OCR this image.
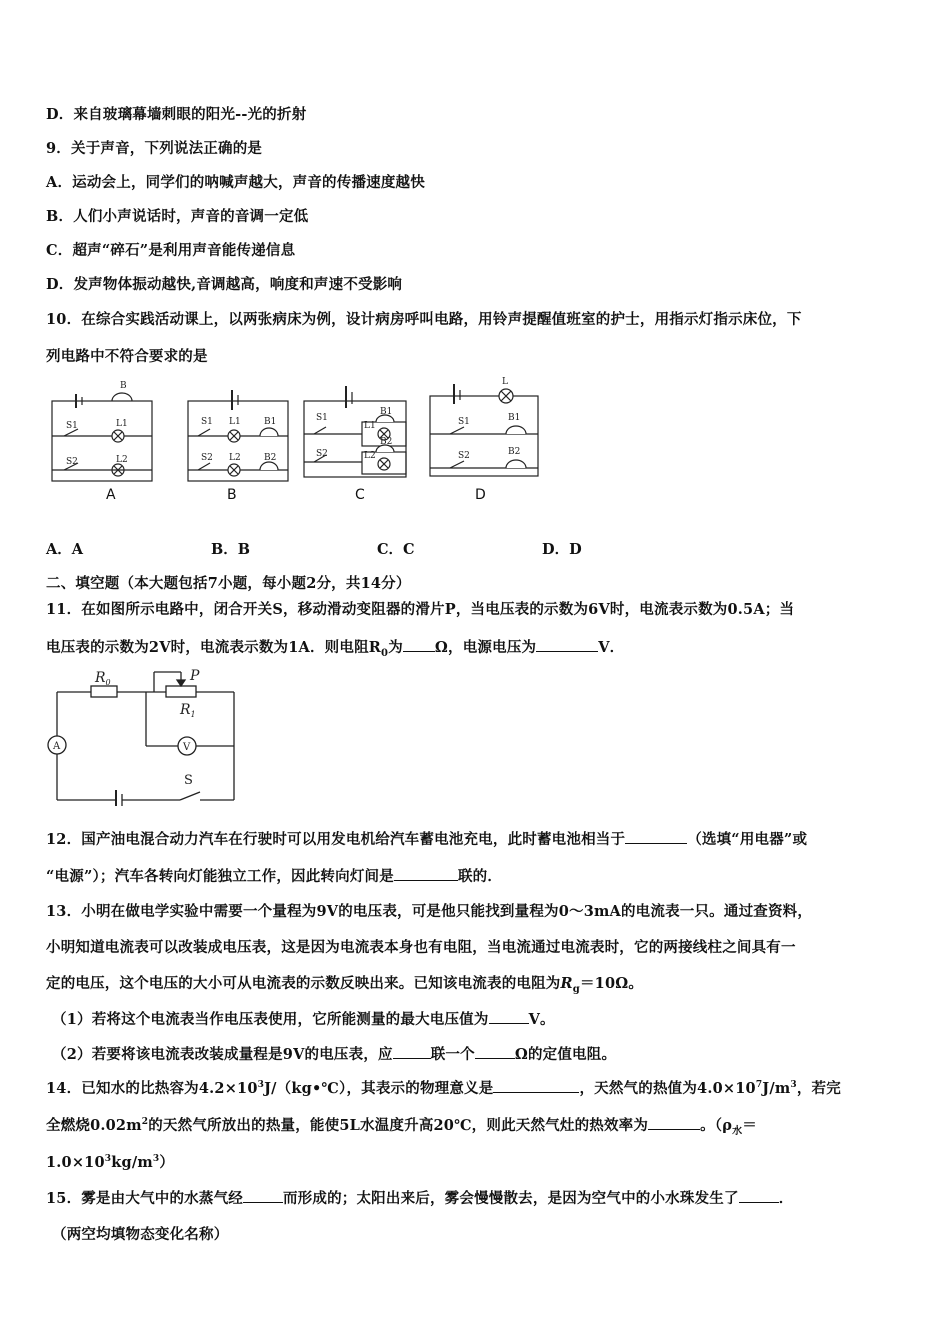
D．来自玻璃幕墙刺眼的阳光--光的折射
9．关于声音，下列说法正确的是
A．运动会上，同学们的呐喊声越大，声音的传播速度越快
B．人们小声说话时，声音的音调一定低
C．超声“碎石”是利用声音能传递信息
D．发声物体振动越快,音调越高，响度和声速不受影响
10．在综合实践活动课上，以两张病床为例，设计病房呼叫电路，用铃声提醒值班室的护士，用指示灯指示床位，下
列电路中不符合要求的是
B
S1	L1
S2	L2
S1 L1	B1
S2 L2	B2
S1
B1
L1
S2
B2
L2
L
S1	B1
S2	B2
A	B	C	D
A．A	B．B	C．C	D．D
二、填空题（本大题包括7小题，每小题2分，共14分）
11．在如图所示电路中，闭合开关S，移动滑动变阻器的滑片P，当电压表的示数为6V时，电流表示数为0.5A；当
电压表的示数为2V时，电流表示数为1A．则电阻$R_0$为 Ω，电源电压为	V．
$R_0$	P
$R_1$
S
A	V
12．国产油电混合动力汽车在行驶时可以用发电机给汽车蓄电池充电，此时蓄电池相当于	（选填“用电器”或
“电源”）；汽车各转向灯能独立工作，因此转向灯间是	联的．
13．小明在做电学实验中需要一个量程为9V的电压表，可是他只能找到量程为0～3mA的电流表一只。通过查资料，
小明知道电流表可以改装成电压表，这是因为电流表本身也有电阻，当电流通过电流表时，它的两接线柱之间具有一
定的电压，这个电压的大小可从电流表的示数反映出来。已知该电流表的电阻为$R_g=10\Omega$。
（1）若将这个电流表当作电压表使用，它所能测量的最大电压值为	V。
（2）若要将该电流表改装成量程是9V的电压表，应	联一个	Ω的定值电阻。
14．已知水的比热容为$4.2\times 10^3J/(kg•℃)$，其表示的物理意义是	，天然气的热值为$4.0\times 10^7J/m^3$，若完
全燃烧$0.02m^2$的天然气所放出的热量，能使5L水温度升高20℃，则此天然气灶的热效率为	。（$\rho_水=$
$1.0\times 10^3kg/m^3$）
15．雾是由大气中的水蒸气经	而形成的；太阳出来后，雾会慢慢散去，是因为空气中的小水珠发生了	．
（两空均填物态变化名称）
